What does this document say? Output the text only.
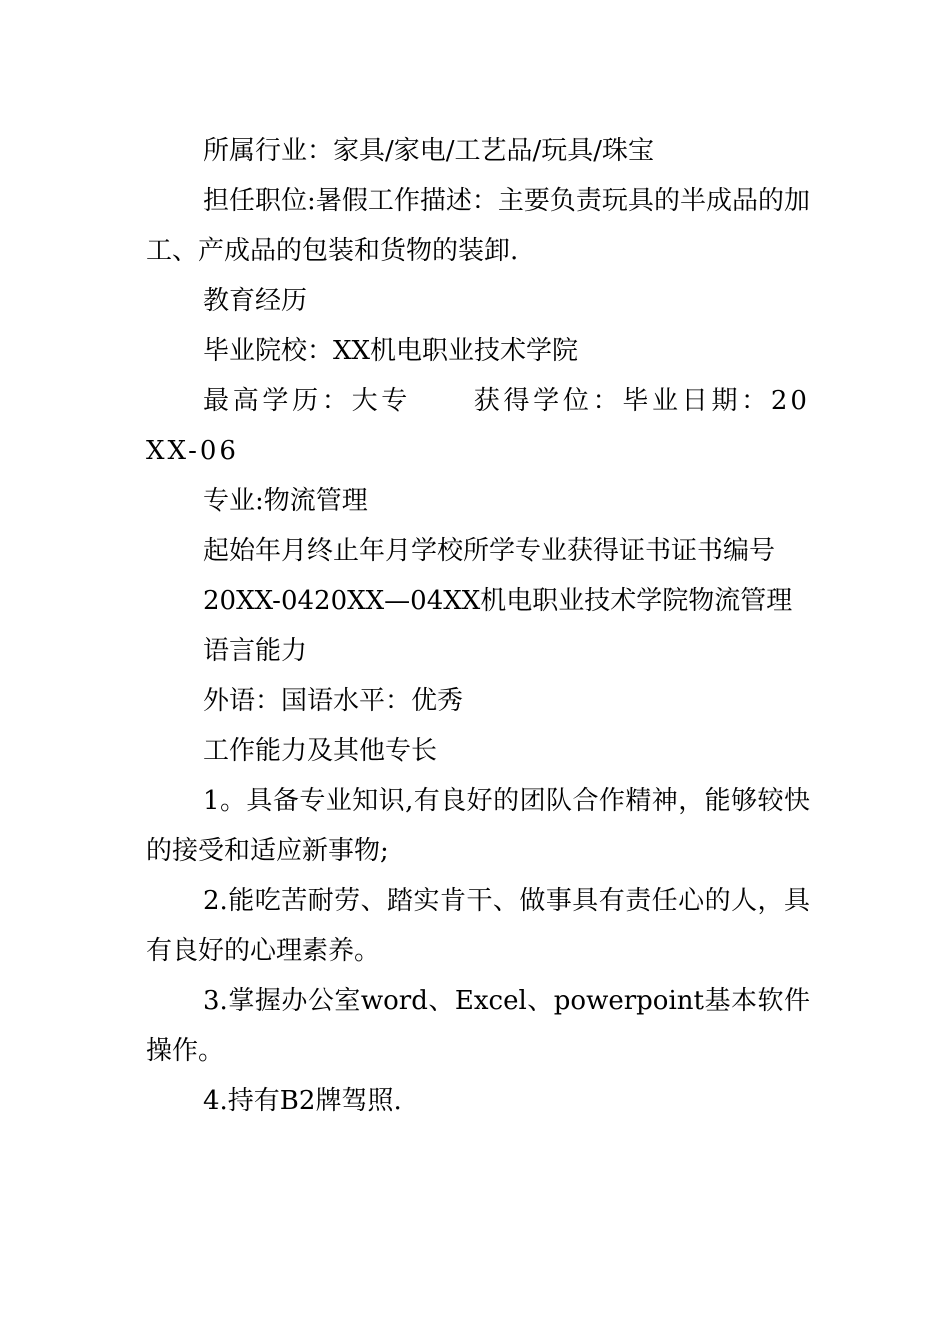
所属行业：家具/家电/工艺品/玩具/珠宝

担任职位:暑假工作描述：主要负责玩具的半成品的加工、产成品的包装和货物的装卸.

教育经历

毕业院校：XX机电职业技术学院

最高学历：大专 获得学位：毕业日期：20XX-06

专业:物流管理

起始年月终止年月学校所学专业获得证书证书编号

20XX-0420XX—04XX机电职业技术学院物流管理

语言能力

外语：国语水平：优秀

工作能力及其他专长

1。具备专业知识,有良好的团队合作精神，能够较快的接受和适应新事物;

2.能吃苦耐劳、踏实肯干、做事具有责任心的人，具有良好的心理素养。

3.掌握办公室word、Excel、powerpoint基本软件操作。

4.持有B2牌驾照.
